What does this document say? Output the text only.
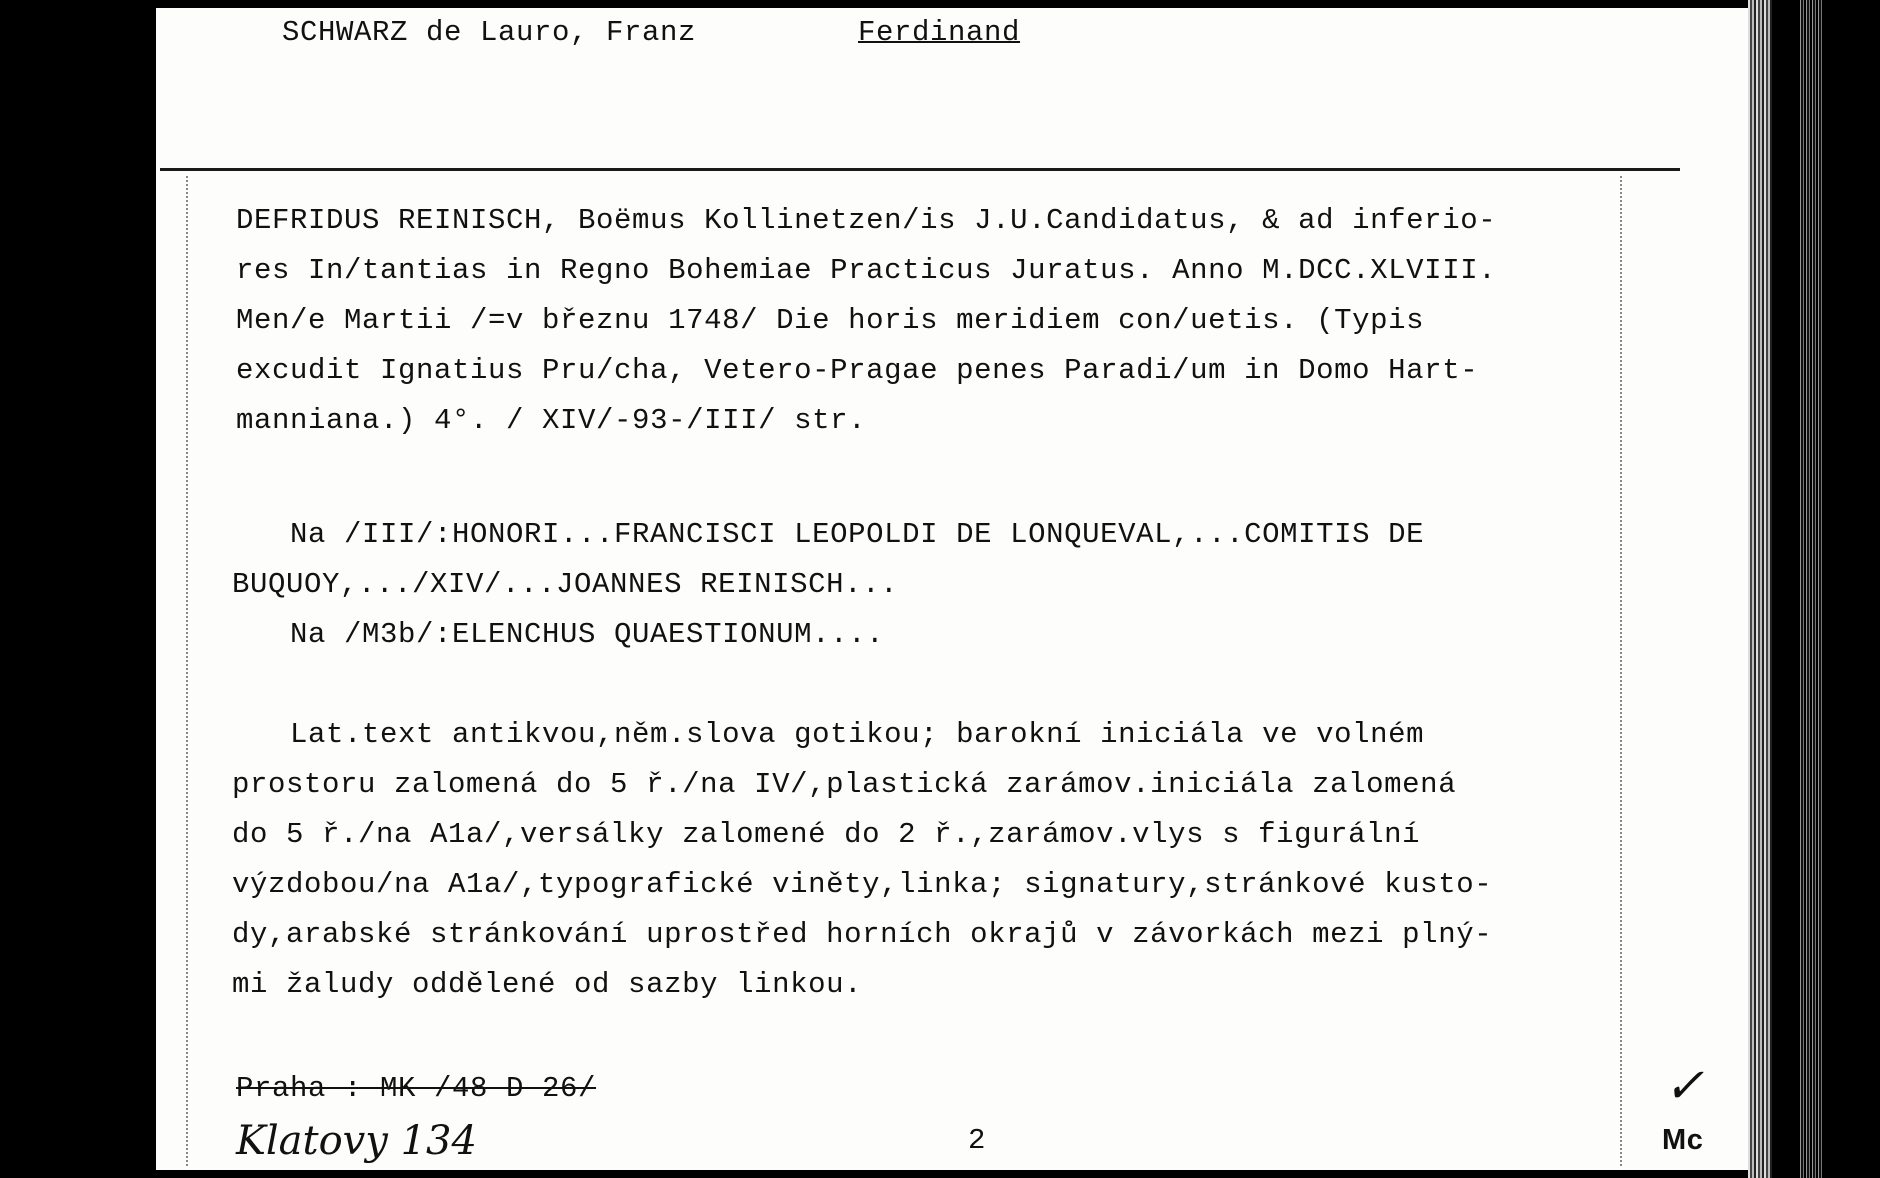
SCHWARZ de Lauro, Franz	Ferdinand
DEFRIDUS REINISCH, Boëmus Kollinetzen/is J.U.Candidatus, & ad inferio-
res In/tantias in Regno Bohemiae Practicus Juratus. Anno M.DCC.XLVIII.
Men/e Martii /=v březnu 1748/ Die horis meridiem con/uetis. (Typis
excudit Ignatius Pru/cha, Vetero-Pragae penes Paradi/um in Domo Hart-
manniana.) 4°. / XIV/-93-/III/ str.
Na /III/:HONORI...FRANCISCI LEOPOLDI DE LONQUEVAL,...COMITIS DE
BUQUOY,.../XIV/...JOANNES REINISCH...
Na /M3b/:ELENCHUS QUAESTIONUM....
Lat.text antikvou,něm.slova gotikou; barokní iniciála ve volném
prostoru zalomená do 5 ř./na IV/,plastická zarámov.iniciála zalomená
do 5 ř./na A1a/,versálky zalomené do 2 ř.,zarámov.vlys s figurální
výzdobou/na A1a/,typografické viněty,linka; signatury,stránkové kusto-
dy,arabské stránkování uprostřed horních okrajů v závorkách mezi plný-
mi žaludy oddělené od sazby linkou.
Praha : MK /48 D 26/
Klatovy 134	2
✓
Mc
